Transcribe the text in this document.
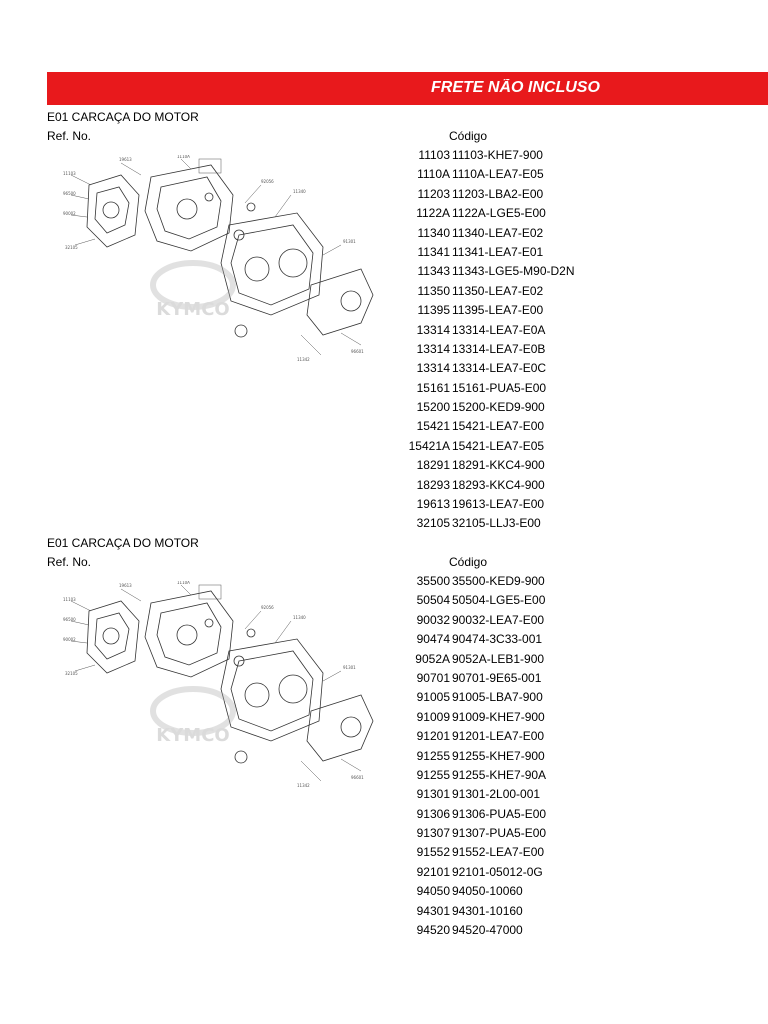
FRETE NÃO INCLUSO
E01 CARCAÇA DO MOTOR
Ref. No.	Código
11103
96500
90002
32105
19613
1110A
92056
11340
91301
96601
11342
KYMCO
11103 11103-KHE7-900
1110A 1110A-LEA7-E05
11203 11203-LBA2-E00
1122A 1122A-LGE5-E00
11340 11340-LEA7-E02
11341 11341-LEA7-E01
11343 11343-LGE5-M90-D2N
11350 11350-LEA7-E02
11395 11395-LEA7-E00
13314 13314-LEA7-E0A
13314 13314-LEA7-E0B
13314 13314-LEA7-E0C
15161 15161-PUA5-E00
15200 15200-KED9-900
15421 15421-LEA7-E00
15421A 15421-LEA7-E05
18291 18291-KKC4-900
18293 18293-KKC4-900
19613 19613-LEA7-E00
32105 32105-LLJ3-E00
E01 CARCAÇA DO MOTOR
Ref. No.	Código
11103
96500
90002
32105
19613
1110A
92056
11340
91301
96601
11342
KYMCO
35500 35500-KED9-900
50504 50504-LGE5-E00
90032 90032-LEA7-E00
90474 90474-3C33-001
9052A 9052A-LEB1-900
90701 90701-9E65-001
91005 91005-LBA7-900
91009 91009-KHE7-900
91201 91201-LEA7-E00
91255 91255-KHE7-900
91255 91255-KHE7-90A
91301 91301-2L00-001
91306 91306-PUA5-E00
91307 91307-PUA5-E00
91552 91552-LEA7-E00
92101 92101-05012-0G
94050 94050-10060
94301 94301-10160
94520 94520-47000
